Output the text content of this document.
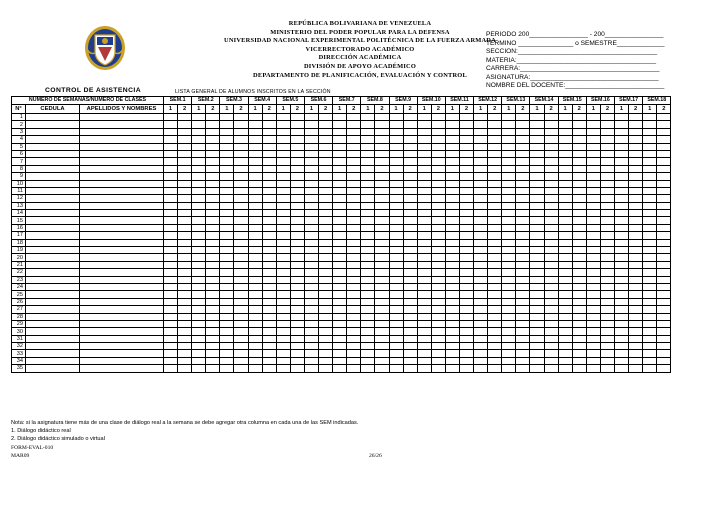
REPÚBLICA BOLIVARIANA DE VENEZUELA
MINISTERIO DEL PODER POPULAR PARA LA DEFENSA
UNIVERSIDAD NACIONAL EXPERIMENTAL POLITÉCNICA DE LA FUERZA ARMADA
VICERRECTORADO ACADÉMICO
DIRECCIÓN ACADÉMICA
DIVISIÓN DE APOYO ACADÉMICO
DEPARTAMENTO DE PLANIFICACIÓN, EVALUACIÓN Y CONTROL
PERIODO 200________________ - 200________________
TÉRMINO _______________ o SEMESTRE_____________
SECCIÓN:______________________________________
MATERIA:______________________________________
CARRERA:______________________________________
ASIGNATURA:___________________________________
NOMBRE DEL DOCENTE:___________________________
CONTROL DE ASISTENCIA	LISTA GENERAL DE ALUMNOS INSCRITOS EN LA SECCIÓN
NÚMERO DE SEMANAS/NÚMERO DE CLASES			SEM.1		SEM.2		SEM.3		SEM.4		SEM.5		SEM.6		SEM.7		SEM.8		SEM.9		SEM.10		SEM.11		SEM.12		SEM.13		SEM.14		SEM.15		SEM.16		SEM.17		SEM.18	
N°	CEDULA	APELLIDOS Y NOMBRES	1	2	1	2	1	2	1	2	1	2	1	2	1	2	1	2	1	2	1	2	1	2	1	2	1	2	1	2	1	2	1	2	1	2	1	2
1																																						
2																																						
3																																						
4																																						
5																																						
6																																						
7																																						
8																																						
9																																						
10																																						
11																																						
12																																						
13																																						
14																																						
15																																						
16																																						
17																																						
18																																						
19																																						
20																																						
21																																						
22																																						
23																																						
24																																						
25																																						
26																																						
27																																						
28																																						
29																																						
30																																						
31																																						
32																																						
33																																						
34																																						
35																																						
Nota: si la asignatura tiene más de una clase de diálogo real a la semana se debe agregar otra columna en cada una de las SEM indicadas.
1. Diálogo didáctico real
2. Diálogo didáctico simulado o virtual
FORM-EVAL-010
MAR09	26/26
